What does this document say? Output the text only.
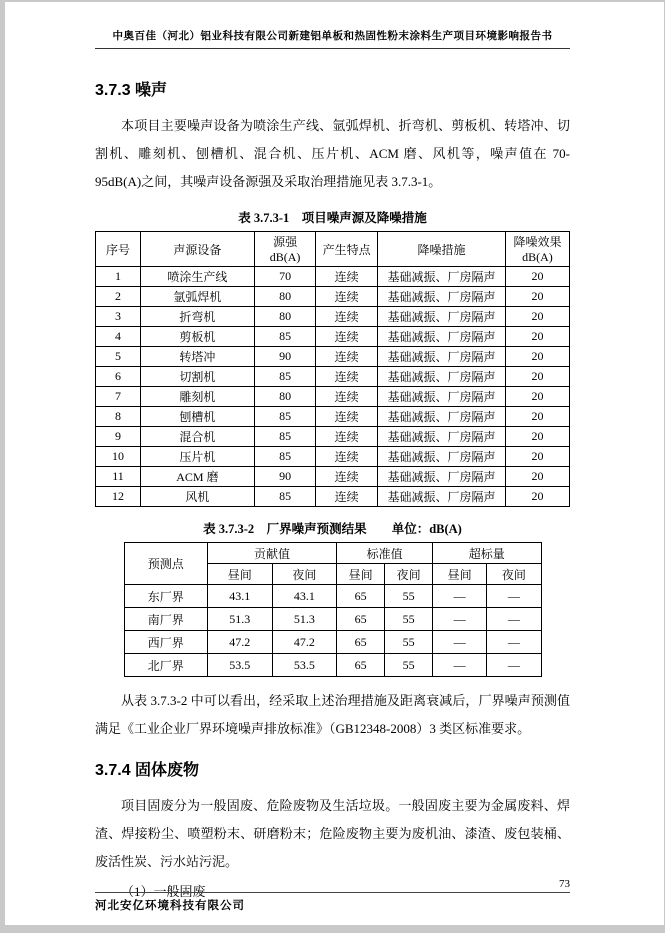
中奥百佳（河北）铝业科技有限公司新建铝单板和热固性粉末涂料生产项目环境影响报告书
3.7.3 噪声

本项目主要噪声设备为喷涂生产线、氩弧焊机、折弯机、剪板机、转塔冲、切割机、雕刻机、刨槽机、混合机、压片机、ACM 磨、风机等，噪声值在 70-95dB(A)之间，其噪声设备源强及采取治理措施见表 3.7.3-1。

表 3.7.3-1　项目噪声源及降噪措施
序号	声源设备	源强 dB(A)	产生特点	降噪措施	降噪效果 dB(A)
1	喷涂生产线	70	连续	基础减振、厂房隔声	20
2	氩弧焊机	80	连续	基础减振、厂房隔声	20
3	折弯机	80	连续	基础减振、厂房隔声	20
4	剪板机	85	连续	基础减振、厂房隔声	20
5	转塔冲	90	连续	基础减振、厂房隔声	20
6	切割机	85	连续	基础减振、厂房隔声	20
7	雕刻机	80	连续	基础减振、厂房隔声	20
8	刨槽机	85	连续	基础减振、厂房隔声	20
9	混合机	85	连续	基础减振、厂房隔声	20
10	压片机	85	连续	基础减振、厂房隔声	20
11	ACM 磨	90	连续	基础减振、厂房隔声	20
12	风机	85	连续	基础减振、厂房隔声	20
表 3.7.3-2　厂界噪声预测结果 单位：dB(A)
预测点	贡献值		标准值		超标量	
	昼间	夜间	昼间	夜间	昼间	夜间
东厂界	43.1	43.1	65	55	—	—
南厂界	51.3	51.3	65	55	—	—
西厂界	47.2	47.2	65	55	—	—
北厂界	53.5	53.5	65	55	—	—

从表 3.7.3-2 中可以看出，经采取上述治理措施及距离衰减后，厂界噪声预测值满足《工业企业厂界环境噪声排放标准》（GB12348-2008）3 类区标准要求。

3.7.4 固体废物

项目固废分为一般固废、危险废物及生活垃圾。一般固废主要为金属废料、焊渣、焊接粉尘、喷塑粉末、研磨粉末；危险废物主要为废机油、漆渣、废包装桶、废活性炭、污水站污泥。

（1）一般固废	73
河北安亿环境科技有限公司
